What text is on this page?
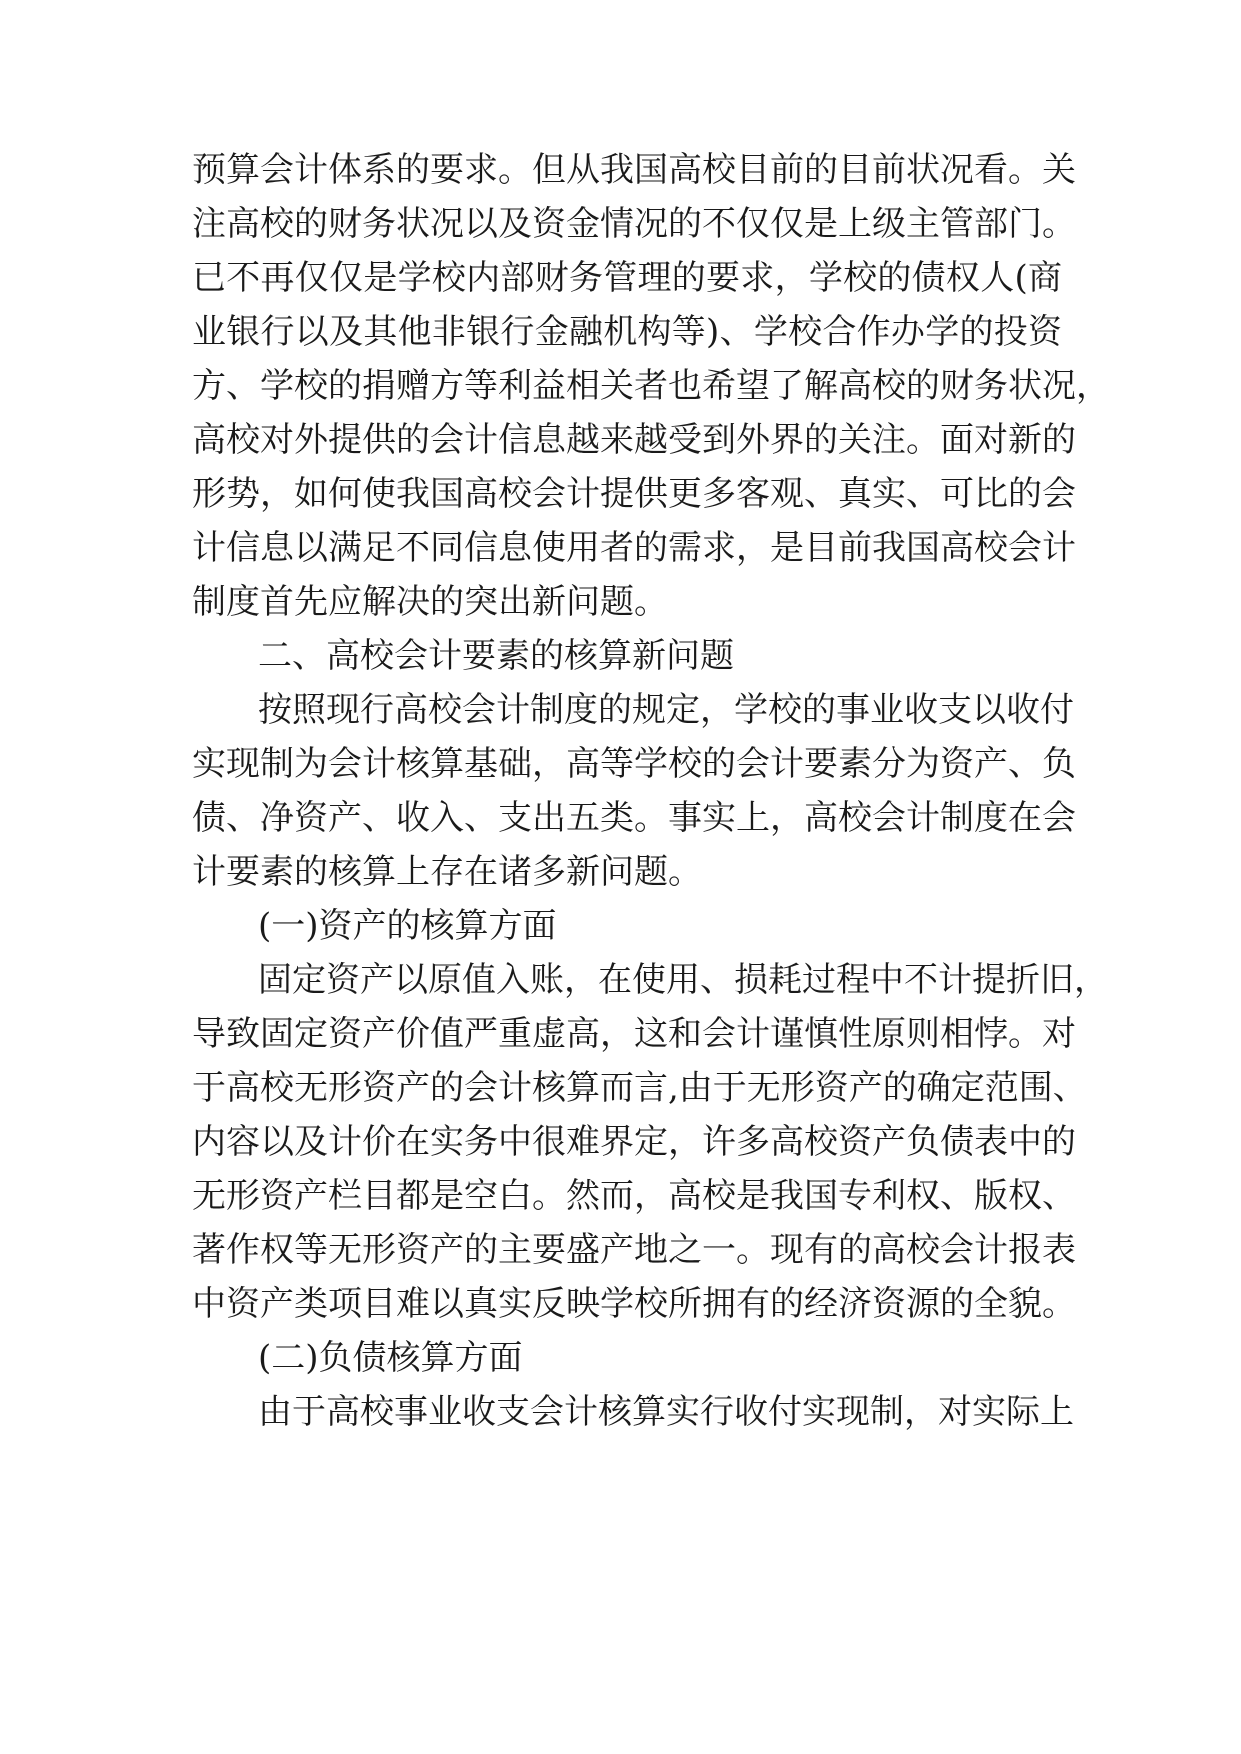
预算会计体系的要求。但从我国高校目前的目前状况看。关
注高校的财务状况以及资金情况的不仅仅是上级主管部门。
已不再仅仅是学校内部财务管理的要求，学校的债权人(商
业银行以及其他非银行金融机构等)、学校合作办学的投资
方、学校的捐赠方等利益相关者也希望了解高校的财务状况，
高校对外提供的会计信息越来越受到外界的关注。面对新的
形势，如何使我国高校会计提供更多客观、真实、可比的会
计信息以满足不同信息使用者的需求，是目前我国高校会计
制度首先应解决的突出新问题。
二、高校会计要素的核算新问题
按照现行高校会计制度的规定，学校的事业收支以收付
实现制为会计核算基础，高等学校的会计要素分为资产、负
债、净资产、收入、支出五类。事实上，高校会计制度在会
计要素的核算上存在诸多新问题。
(一)资产的核算方面
固定资产以原值入账，在使用、损耗过程中不计提折旧，
导致固定资产价值严重虚高，这和会计谨慎性原则相悖。对
于高校无形资产的会计核算而言,由于无形资产的确定范围、
内容以及计价在实务中很难界定，许多高校资产负债表中的
无形资产栏目都是空白。然而，高校是我国专利权、版权、
著作权等无形资产的主要盛产地之一。现有的高校会计报表
中资产类项目难以真实反映学校所拥有的经济资源的全貌。
(二)负债核算方面
由于高校事业收支会计核算实行收付实现制，对实际上
